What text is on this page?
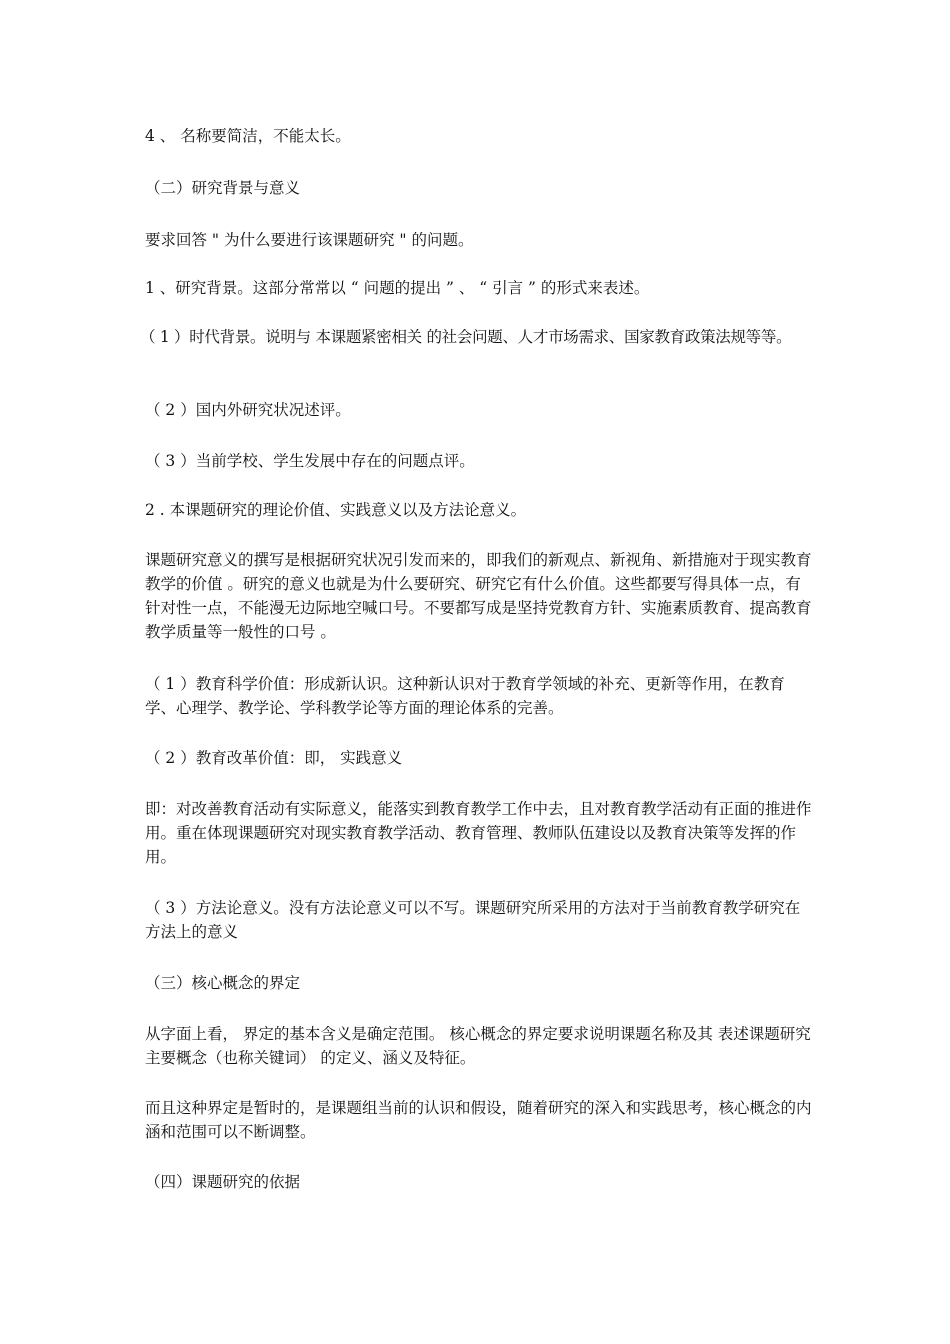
4 、 名称要简洁，不能太长。

（二）研究背景与意义

要求回答 " 为什么要进行该课题研究 " 的问题。

1 、研究背景。这部分常常以 “ 问题的提出 ” 、 “ 引言 ” 的形式来表述。

（ 1 ）时代背景。说明与 本课题紧密相关 的社会问题、人才市场需求、国家教育政策法规等等。

（ 2 ）国内外研究状况述评。

（ 3 ）当前学校、学生发展中存在的问题点评。

2 . 本课题研究的理论价值、实践意义以及方法论意义。

课题研究意义的撰写是根据研究状况引发而来的，即我们的新观点、新视角、新措施对于现实教育教学的价值 。研究的意义也就是为什么要研究、研究它有什么价值。这些都要写得具体一点，有针对性一点，不能漫无边际地空喊口号。不要都写成是坚持党教育方针、实施素质教育、提高教育教学质量等一般性的口号 。

（ 1 ）教育科学价值：形成新认识。这种新认识对于教育学领域的补充、更新等作用，在教育学、心理学、教学论、学科教学论等方面的理论体系的完善。

（ 2 ）教育改革价值：即， 实践意义

即：对改善教育活动有实际意义，能落实到教育教学工作中去，且对教育教学活动有正面的推进作用。重在体现课题研究对现实教育教学活动、教育管理、教师队伍建设以及教育决策等发挥的作用。

（ 3 ）方法论意义。没有方法论意义可以不写。课题研究所采用的方法对于当前教育教学研究在方法上的意义

（三）核心概念的界定

从字面上看， 界定的基本含义是确定范围。 核心概念的界定要求说明课题名称及其 表述课题研究主要概念（也称关键词） 的定义、涵义及特征。

而且这种界定是暂时的，是课题组当前的认识和假设，随着研究的深入和实践思考，核心概念的内涵和范围可以不断调整。

（四）课题研究的依据
